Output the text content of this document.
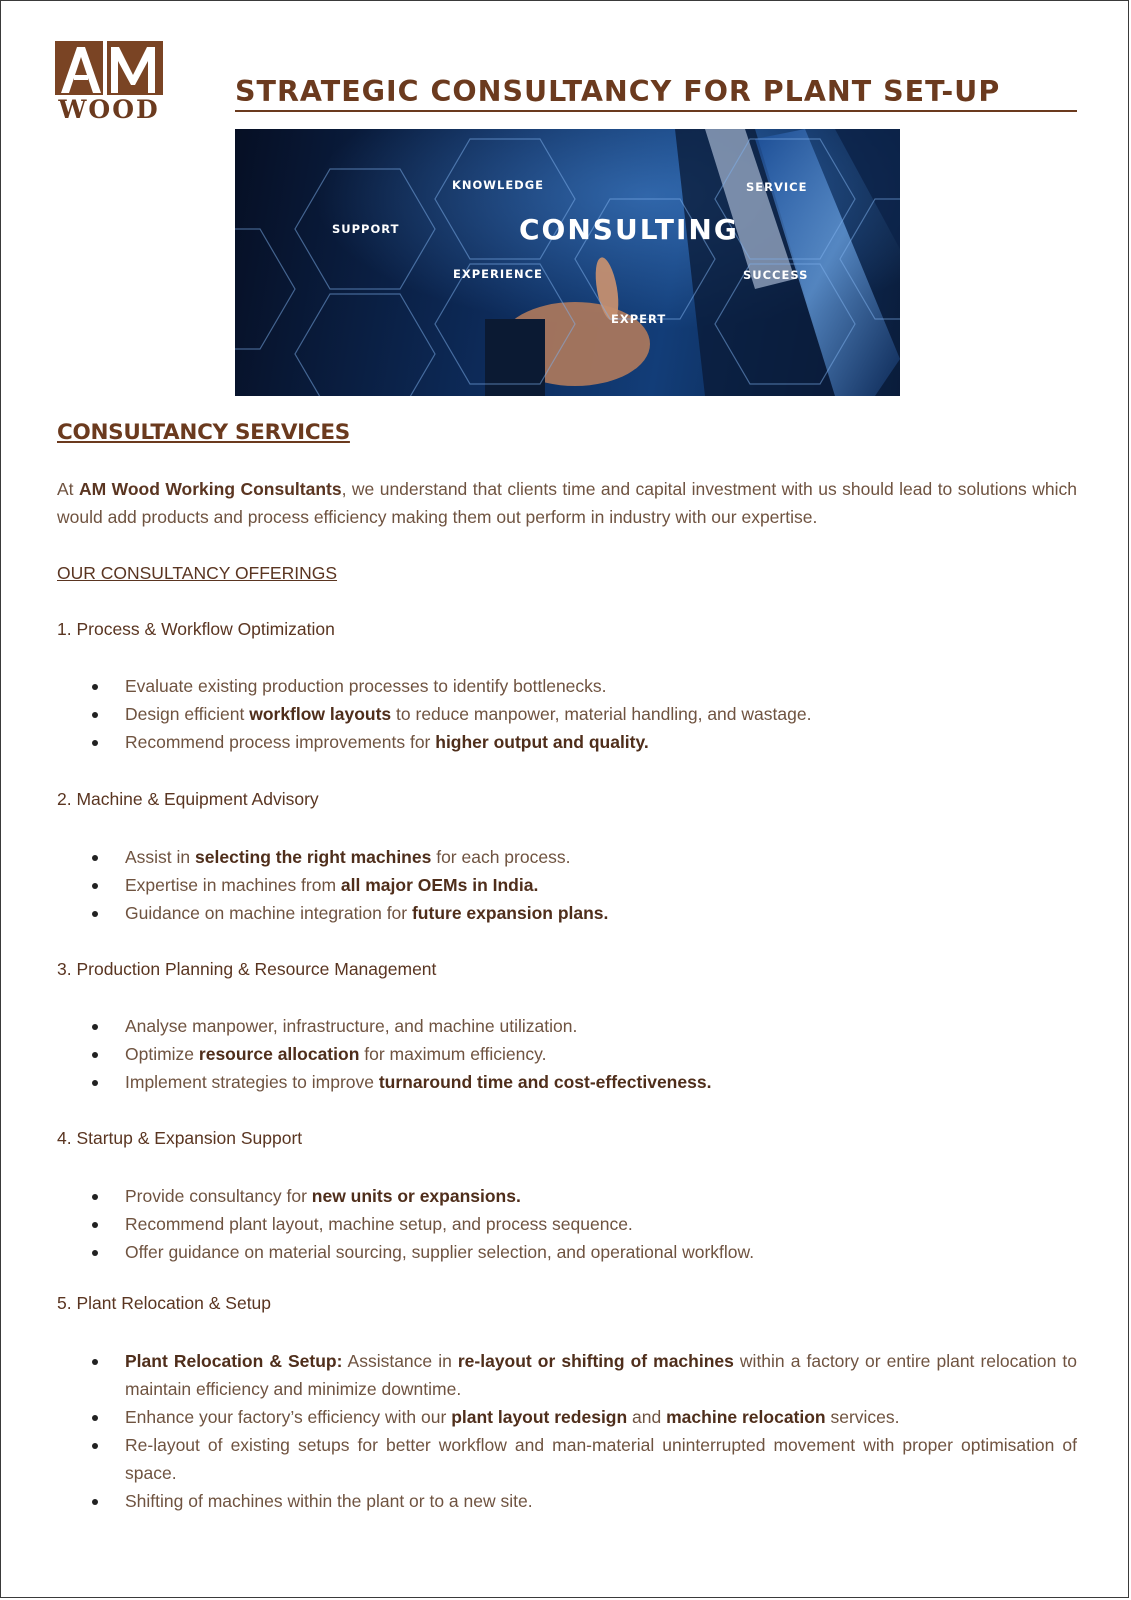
WOOD
STRATEGIC CONSULTANCY FOR PLANT SET-UP
KNOWLEDGE	SERVICE
SUPPORT
EXPERIENCE	SUCCESS
EXPERT
CONSULTING
CONSULTANCY SERVICES

At AM Wood Working Consultants, we understand that clients time and capital investment with us should lead to solutions which would add products and process efficiency making them out perform in industry with our expertise.

OUR CONSULTANCY OFFERINGS
1. Process & Workflow Optimization
Evaluate existing production processes to identify bottlenecks.
Design efficient workflow layouts to reduce manpower, material handling, and wastage.
Recommend process improvements for higher output and quality.
2. Machine & Equipment Advisory
Assist in selecting the right machines for each process.
Expertise in machines from all major OEMs in India.
Guidance on machine integration for future expansion plans.
3. Production Planning & Resource Management
Analyse manpower, infrastructure, and machine utilization.
Optimize resource allocation for maximum efficiency.
Implement strategies to improve turnaround time and cost-effectiveness.
4. Startup & Expansion Support
Provide consultancy for new units or expansions.
Recommend plant layout, machine setup, and process sequence.
Offer guidance on material sourcing, supplier selection, and operational workflow.
5. Plant Relocation & Setup
Plant Relocation & Setup: Assistance in re-layout or shifting of machines within a factory or entire plant relocation to maintain efficiency and minimize downtime.
Enhance your factory’s efficiency with our plant layout redesign and machine relocation services.
Re-layout of existing setups for better workflow and man-material uninterrupted movement with proper optimisation of space.
Shifting of machines within the plant or to a new site.
